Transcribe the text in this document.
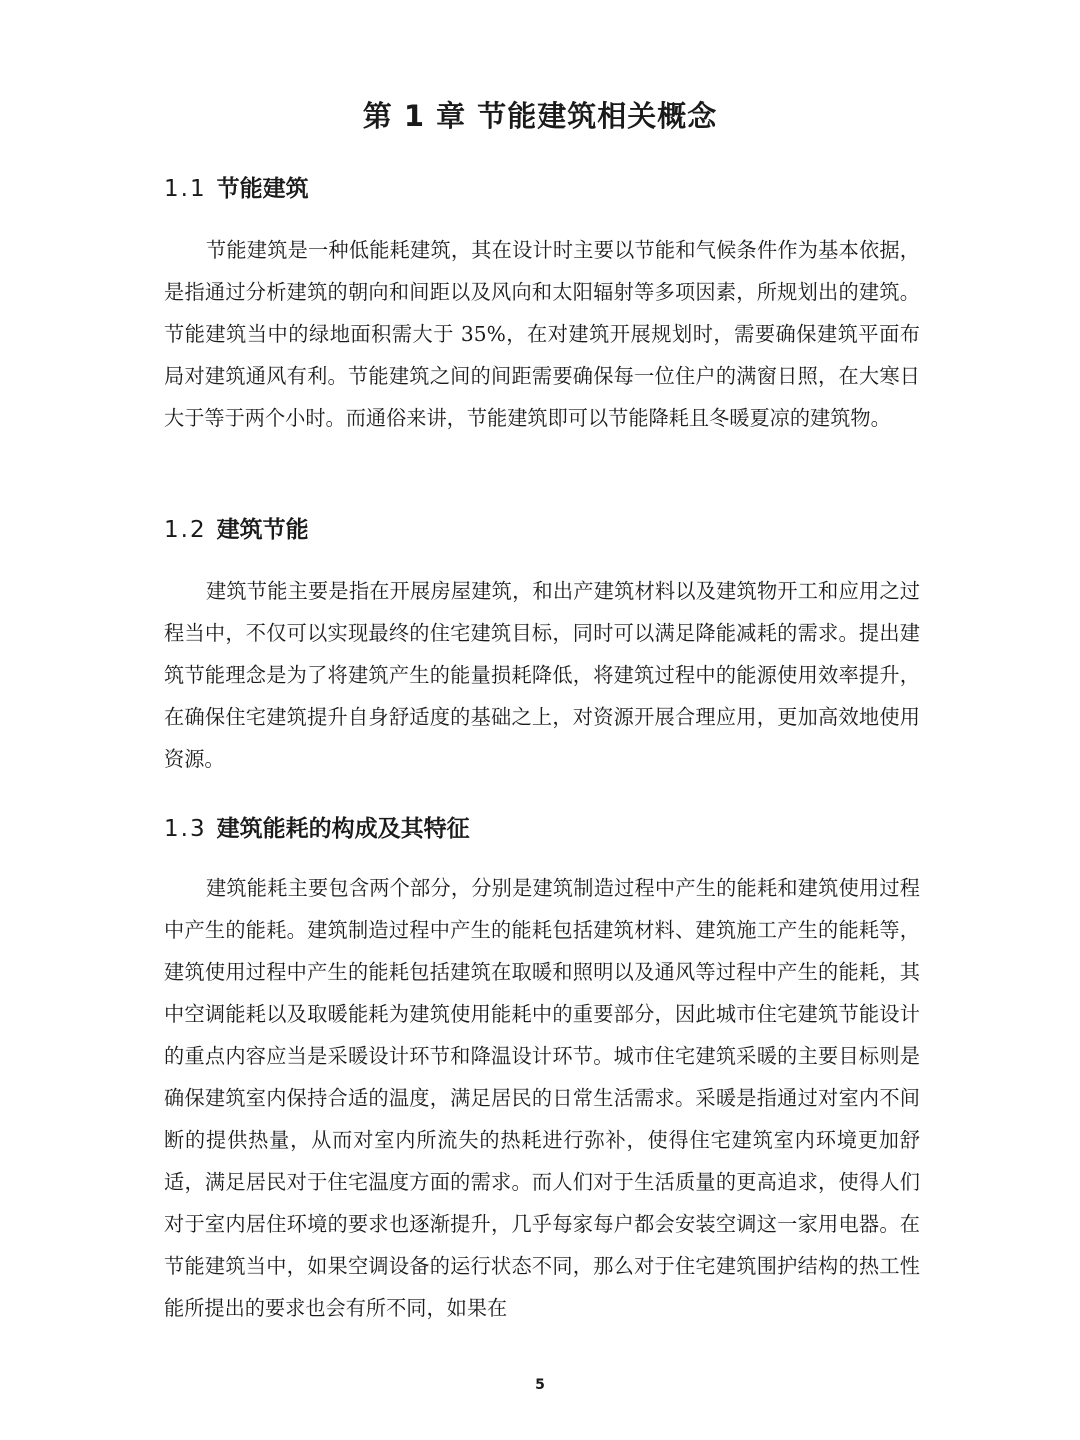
第 1 章 节能建筑相关概念
1.1 节能建筑

节能建筑是一种低能耗建筑，其在设计时主要以节能和气候条件作为基本依据，是指通过分析建筑的朝向和间距以及风向和太阳辐射等多项因素，所规划出的建筑。节能建筑当中的绿地面积需大于 35%，在对建筑开展规划时，需要确保建筑平面布局对建筑通风有利。节能建筑之间的间距需要确保每一位住户的满窗日照，在大寒日大于等于两个小时。而通俗来讲，节能建筑即可以节能降耗且冬暖夏凉的建筑物。

1.2 建筑节能

建筑节能主要是指在开展房屋建筑，和出产建筑材料以及建筑物开工和应用之过程当中，不仅可以实现最终的住宅建筑目标，同时可以满足降能减耗的需求。提出建筑节能理念是为了将建筑产生的能量损耗降低，将建筑过程中的能源使用效率提升，在确保住宅建筑提升自身舒适度的基础之上，对资源开展合理应用，更加高效地使用资源。

1.3 建筑能耗的构成及其特征

建筑能耗主要包含两个部分，分别是建筑制造过程中产生的能耗和建筑使用过程中产生的能耗。建筑制造过程中产生的能耗包括建筑材料、建筑施工产生的能耗等，建筑使用过程中产生的能耗包括建筑在取暖和照明以及通风等过程中产生的能耗，其中空调能耗以及取暖能耗为建筑使用能耗中的重要部分，因此城市住宅建筑节能设计的重点内容应当是采暖设计环节和降温设计环节。城市住宅建筑采暖的主要目标则是确保建筑室内保持合适的温度，满足居民的日常生活需求。采暖是指通过对室内不间断的提供热量，从而对室内所流失的热耗进行弥补，使得住宅建筑室内环境更加舒适，满足居民对于住宅温度方面的需求。而人们对于生活质量的更高追求，使得人们对于室内居住环境的要求也逐渐提升，几乎每家每户都会安装空调这一家用电器。在节能建筑当中，如果空调设备的运行状态不同，那么对于住宅建筑围护结构的热工性能所提出的要求也会有所不同，如果在

5
